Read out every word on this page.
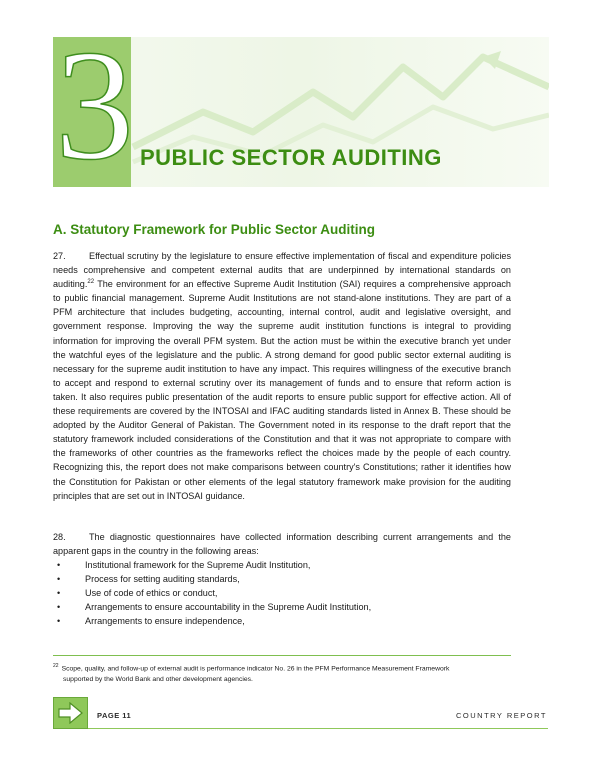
3 PUBLIC SECTOR AUDITING
A. Statutory Framework for Public Sector Auditing
27.	Effectual scrutiny by the legislature to ensure effective implementation of fiscal and expenditure policies needs comprehensive and competent external audits that are underpinned by international standards on auditing.$^{22}$ The environment for an effective Supreme Audit Institution (SAI) requires a comprehensive approach to public financial management. Supreme Audit Institutions are not stand-alone institutions. They are part of a PFM architecture that includes budgeting, accounting, internal control, audit and legislative oversight, and government response. Improving the way the supreme audit institution functions is integral to providing information for improving the overall PFM system. But the action must be within the executive branch yet under the watchful eyes of the legislature and the public. A strong demand for good public sector external auditing is necessary for the supreme audit institution to have any impact. This requires willingness of the executive branch to accept and respond to external scrutiny over its management of funds and to ensure that reform action is taken. It also requires public presentation of the audit reports to ensure public support for effective action. All of these requirements are covered by the INTOSAI and IFAC auditing standards listed in Annex B. These should be adopted by the Auditor General of Pakistan. The Government noted in its response to the draft report that the statutory framework included considerations of the Constitution and that it was not appropriate to compare with the frameworks of other countries as the frameworks reflect the choices made by the people of each country. Recognizing this, the report does not make comparisons between country's Constitutions; rather it identifies how the Constitution for Pakistan or other elements of the legal statutory framework make provision for the auditing principles that are set out in INTOSAI guidance.
28.	The diagnostic questionnaires have collected information describing current arrangements and the apparent gaps in the country in the following areas:
•	Institutional framework for the Supreme Audit Institution,
•	Process for setting auditing standards,
•	Use of code of ethics or conduct,
•	Arrangements to ensure accountability in the Supreme Audit Institution,
•	Arrangements to ensure independence,
$^{22}$ Scope, quality, and follow-up of external audit is performance indicator No. 26 in the PFM Performance Measurement Framework
supported by the World Bank and other development agencies.
PAGE 11	COUNTRY REPORT
